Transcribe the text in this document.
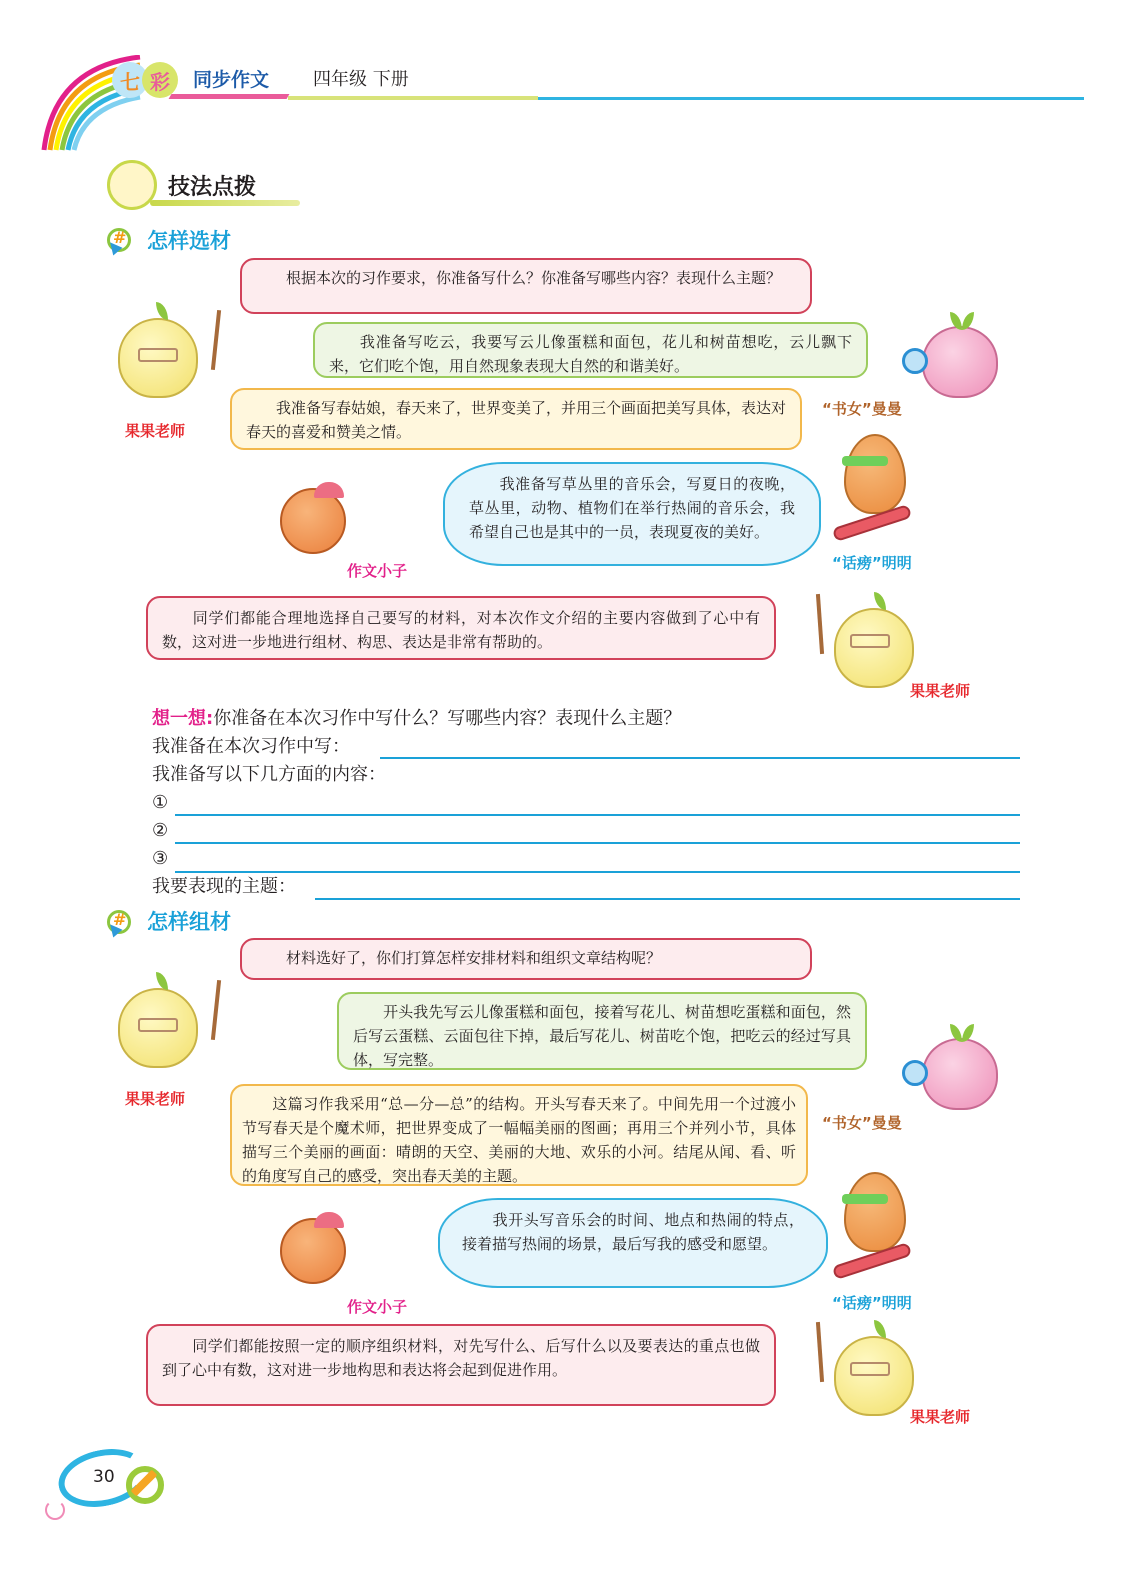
七 彩	同步作文 四年级 下册
技法点拨
#
怎样选材
果果老师
根据本次的习作要求，你准备写什么？你准备写哪些内容？表现什么主题？
我准备写吃云，我要写云儿像蛋糕和面包，花儿和树苗想吃，云儿飘下来，它们吃个饱，用自然现象表现大自然的和谐美好。
“书女”曼曼
我准备写春姑娘，春天来了，世界变美了，并用三个画面把美写具体，表达对春天的喜爱和赞美之情。
作文小子
我准备写草丛里的音乐会，写夏日的夜晚，草丛里，动物、植物们在举行热闹的音乐会，我希望自己也是其中的一员，表现夏夜的美好。
“话痨”明明
同学们都能合理地选择自己要写的材料，对本次作文介绍的主要内容做到了心中有数，这对进一步地进行组材、构思、表达是非常有帮助的。
果果老师
想一想:你准备在本次习作中写什么？写哪些内容？表现什么主题？
我准备在本次习作中写：
我准备写以下几方面的内容：
①
②
③
我要表现的主题：
#
怎样组材
果果老师
材料选好了，你们打算怎样安排材料和组织文章结构呢？
开头我先写云儿像蛋糕和面包，接着写花儿、树苗想吃蛋糕和面包，然后写云蛋糕、云面包往下掉，最后写花儿、树苗吃个饱，把吃云的经过写具体，写完整。
“书女”曼曼
这篇习作我采用“总—分—总”的结构。开头写春天来了。中间先用一个过渡小节写春天是个魔术师，把世界变成了一幅幅美丽的图画；再用三个并列小节，具体描写三个美丽的画面：晴朗的天空、美丽的大地、欢乐的小河。结尾从闻、看、听的角度写自己的感受，突出春天美的主题。
作文小子
我开头写音乐会的时间、地点和热闹的特点，接着描写热闹的场景，最后写我的感受和愿望。
“话痨”明明
同学们都能按照一定的顺序组织材料，对先写什么、后写什么以及要表达的重点也做到了心中有数，这对进一步地构思和表达将会起到促进作用。
果果老师
30
